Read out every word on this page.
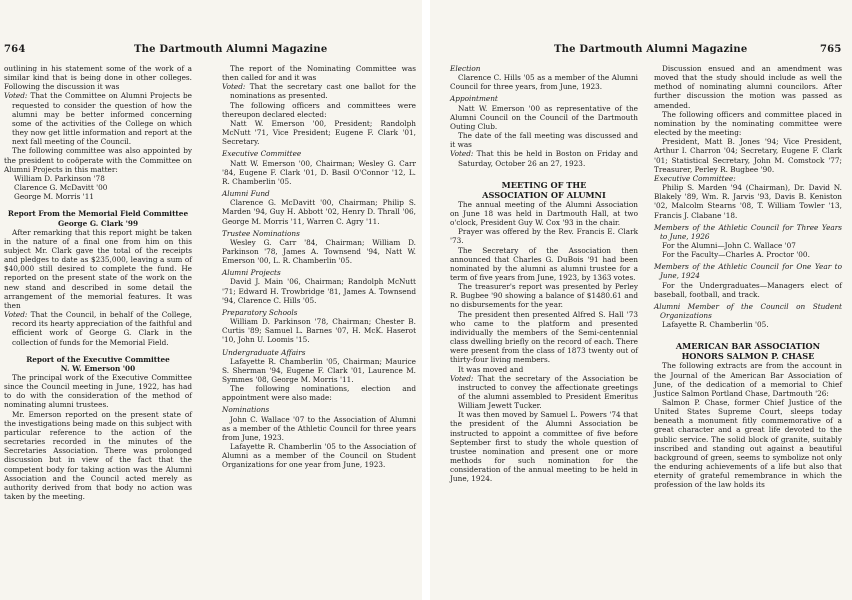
764	The Dartmouth Alumni Magazine

outlining in his statement some of the work of a similar kind that is being done in other colleges. Following the discussion it was

Voted: That the Committee on Alumni Projects be requested to consider the question of how the alumni may be better informed concerning some of the activities of the College on which they now get little information and report at the next fall meeting of the Council.

The following committee was also appointed by the president to coöperate with the Committee on Alumni Projects in this matter:

William D. Parkinson '78

Clarence G. McDavitt '00

George M. Morris '11

Report From the Memorial Field Committee

George G. Clark '99

After remarking that this report might be taken in the nature of a final one from him on this subject Mr. Clark gave the total of the receipts and pledges to date as $235,000, leaving a sum of $40,000 still desired to complete the fund. He reported on the present state of the work on the new stand and described in some detail the arrangement of the memorial features. It was then

Voted: That the Council, in behalf of the College, record its hearty appreciation of the faithful and efficient work of George G. Clark in the collection of funds for the Memorial Field.

Report of the Executive Committee

N. W. Emerson '00

The principal work of the Executive Committee since the Council meeting in June, 1922, has had to do with the consideration of the method of nominating alumni trustees.

Mr. Emerson reported on the present state of the investigations being made on this subject with particular reference to the action of the secretaries recorded in the minutes of the Secretaries Association. There was prolonged discussion but in view of the fact that the competent body for taking action was the Alumni Association and the Council acted merely as authority derived from that body no action was taken by the meeting.

The report of the Nominating Committee was then called for and it was

Voted: That the secretary cast one ballot for the nominations as presented.

The following officers and committees were thereupon declared elected:

Natt W. Emerson '00, President; Randolph McNutt '71, Vice President; Eugene F. Clark '01, Secretary.

Executive Committee

Natt W. Emerson '00, Chairman; Wesley G. Carr '84, Eugene F. Clark '01, D. Basil O'Connor '12, L. R. Chamberlin '05.

Alumni Fund

Clarence G. McDavitt '00, Chairman; Philip S. Marden '94, Guy H. Abbott '02, Henry D. Thrall '06, George M. Morris '11, Warren C. Agry '11.

Trustee Nominations

Wesley G. Carr '84, Chairman; William D. Parkinson '78, James A. Townsend '94, Natt W. Emerson '00, L. R. Chamberlin '05.

Alumni Projects

David J. Main '06, Chairman; Randolph McNutt '71; Edward H. Trowbridge '81, James A. Townsend '94, Clarence C. Hills '05.

Preparatory Schools

William D. Parkinson '78, Chairman; Chester B. Curtis '89; Samuel L. Barnes '07, H. McK. Haserot '10, John U. Loomis '15.

Undergraduate Affairs

Lafayette R. Chamberlin '05, Chairman; Maurice S. Sherman '94, Eugene F. Clark '01, Laurence M. Symmes '08, George M. Morris '11.

The following nominations, election and appointment were also made:

Nominations

John C. Wallace '07 to the Association of Alumni as a member of the Athletic Council for three years from June, 1923.

Lafayette R. Chamberlin '05 to the Association of Alumni as a member of the Council on Student Organizations for one year from June, 1923.

The Dartmouth Alumni Magazine	765

Election

Clarence C. Hills '05 as a member of the Alumni Council for three years, from June, 1923.

Appointment

Natt W. Emerson '00 as representative of the Alumni Council on the Council of the Dartmouth Outing Club.

The date of the fall meeting was discussed and it was

Voted: That this be held in Boston on Friday and Saturday, October 26 an 27, 1923.

MEETING OF THE

ASSOCIATION OF ALUMNI

The annual meeting of the Alumni Association on June 18 was held in Dartmouth Hall, at two o'clock, President Guy W. Cox '93 in the chair.

Prayer was offered by the Rev. Francis E. Clark '73.

The Secretary of the Association then announced that Charles G. DuBois '91 had been nominated by the alumni as alumni trustee for a term of five years from June, 1923, by 1363 votes.

The treasurer's report was presented by Perley R. Bugbee '90 showing a balance of $1480.61 and no disbursements for the year.

The president then presented Alfred S. Hall '73 who came to the platform and presented individually the members of the Semi-centennial class dwelling briefly on the record of each. There were present from the class of 1873 twenty out of thirty-four living members.

It was moved and

Voted: That the secretary of the Association be instructed to convey the affectionate greetings of the alumni assembled to President Emeritus William Jewett Tucker.

It was then moved by Samuel L. Powers '74 that the president of the Alumni Association be instructed to appoint a committee of five before September first to study the whole question of trustee nomination and present one or more methods for such nomination for the consideration of the annual meeting to be held in June, 1924.

Discussion ensued and an amendment was moved that the study should include as well the method of nominating alumni councilors. After further discussion the motion was passed as amended.

The following officers and committee placed in nomination by the nominating committee were elected by the meeting:

President, Matt B. Jones '94; Vice President, Arthur I. Charron '04; Secretary, Eugene F. Clark '01; Statistical Secretary, John M. Comstock '77; Treasurer, Perley R. Bugbee '90.

Executive Committee:

Philip S. Marden '94 (Chairman), Dr. David N. Blakely '89, Wm. R. Jarvis '93, Davis B. Keniston '02, Malcolm Stearns '08, T. William Towler '13, Francis J. Clabane '18.

Members of the Athletic Council for Three Years to June, 1926

For the Alumni—John C. Wallace '07

For the Faculty—Charles A. Proctor '00.

Members of the Athletic Council for One Year to June, 1924

For the Undergraduates—Managers elect of baseball, football, and track.

Alumni Member of the Council on Student Organizations

Lafayette R. Chamberlin '05.

AMERICAN BAR ASSOCIATION

HONORS SALMON P. CHASE

The following extracts are from the account in the Journal of the American Bar Association of June, of the dedication of a memorial to Chief Justice Salmon Portland Chase, Dartmouth '26:

Salmon P. Chase, former Chief Justice of the United States Supreme Court, sleeps today beneath a monument fitly commemorative of a great character and a great life devoted to the public service. The solid block of granite, suitably inscribed and standing out against a beautiful background of green, seems to symbolize not only the enduring achievements of a life but also that eternity of grateful remembrance in which the profession of the law holds its
